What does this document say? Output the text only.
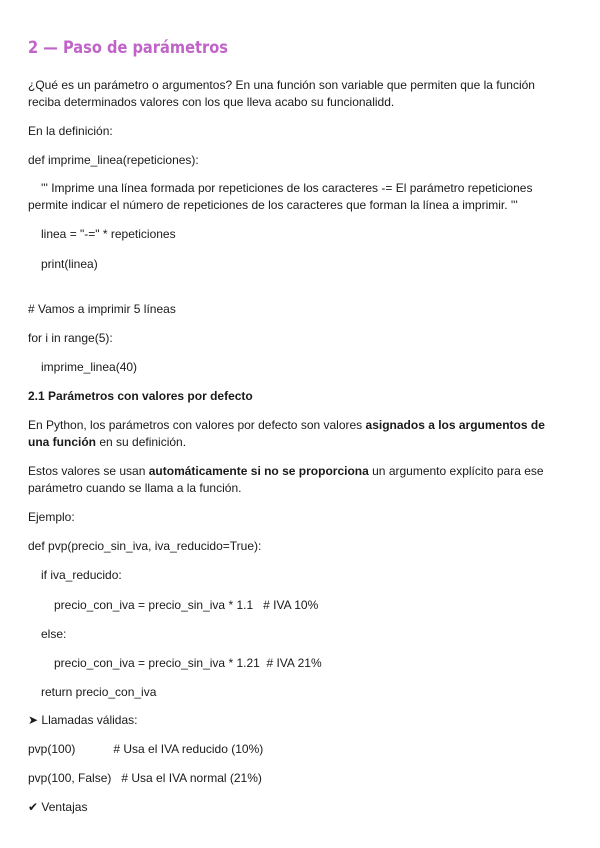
2 — Paso de parámetros
¿Qué es un parámetro o argumentos? En una función son variable que permiten que la función reciba determinados valores con los que lleva acabo su funcionalidd.
En la definición:
def imprime_linea(repeticiones):
''' Imprime una línea formada por repeticiones de los caracteres -= El parámetro repeticiones
permite indicar el número de repeticiones de los caracteres que forman la línea a imprimir. '''
linea = "-=" * repeticiones
print(linea)
# Vamos a imprimir 5 líneas
for i in range(5):
imprime_linea(40)
2.1 Parámetros con valores por defecto
En Python, los parámetros con valores por defecto son valores asignados a los argumentos de una función en su definición.
Estos valores se usan automáticamente si no se proporciona un argumento explícito para ese parámetro cuando se llama a la función.
Ejemplo:
def pvp(precio_sin_iva, iva_reducido=True):
if iva_reducido:
precio_con_iva = precio_sin_iva * 1.1   # IVA 10%
else:
precio_con_iva = precio_sin_iva * 1.21  # IVA 21%
return precio_con_iva
➤ Llamadas válidas:
pvp(100)	# Usa el IVA reducido (10%)
pvp(100, False) # Usa el IVA normal (21%)
✔ Ventajas
